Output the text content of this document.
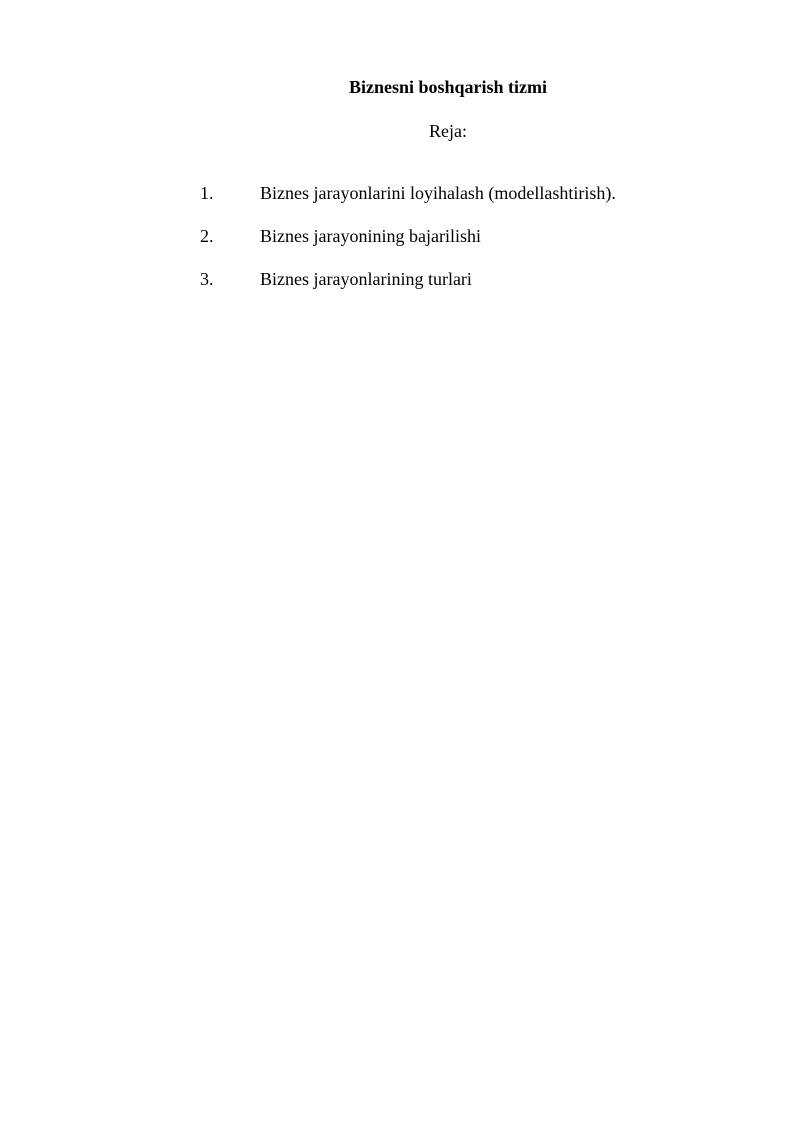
Biznesni boshqarish tizmi

Reja:

1.	Biznes jarayonlarini loyihalash (modellashtirish).
2.	Biznes jarayonining bajarilishi
3.	Biznes jarayonlarining turlari
